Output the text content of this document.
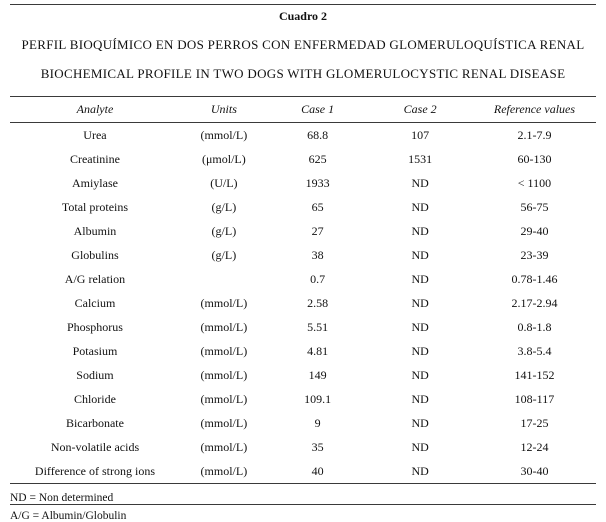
Cuadro 2
PERFIL BIOQUÍMICO EN DOS PERROS CON ENFERMEDAD GLOMERULOQUÍSTICA RENAL
BIOCHEMICAL PROFILE IN TWO DOGS WITH GLOMERULOCYSTIC RENAL DISEASE
Analyte	Units	Case 1	Case 2	Reference values
Urea	(mmol/L)	68.8	107	2.1-7.9
Creatinine	(μmol/L)	625	1531	60-130
Amiylase	(U/L)	1933	ND	< 1100
Total proteins	(g/L)	65	ND	56-75
Albumin	(g/L)	27	ND	29-40
Globulins	(g/L)	38	ND	23-39
A/G relation		0.7	ND	0.78-1.46
Calcium	(mmol/L)	2.58	ND	2.17-2.94
Phosphorus	(mmol/L)	5.51	ND	0.8-1.8
Potasium	(mmol/L)	4.81	ND	3.8-5.4
Sodium	(mmol/L)	149	ND	141-152
Chloride	(mmol/L)	109.1	ND	108-117
Bicarbonate	(mmol/L)	9	ND	17-25
Non-volatile acids	(mmol/L)	35	ND	12-24
Difference of strong ions	(mmol/L)	40	ND	30-40
ND = Non determined
A/G = Albumin/Globulin
